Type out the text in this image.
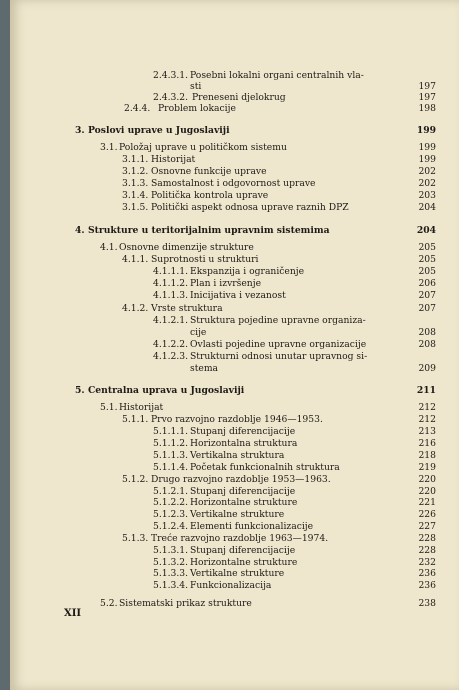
2.4.3.1. Posebni lokalni organi centralnih vla-
sti	197
2.4.3.2. Preneseni djelokrug	197
2.4.4. Problem lokacije	198
3. Poslovi uprave u Jugoslaviji	199
3.1. Položaj uprave u političkom sistemu	199
3.1.1. Historijat	199
3.1.2. Osnovne funkcije uprave	202
3.1.3. Samostalnost i odgovornost uprave	202
3.1.4. Politička kontrola uprave	203
3.1.5. Politički aspekt odnosa uprave raznih DPZ	204
4. Strukture u teritorijalnim upravnim sistemima	204
4.1. Osnovne dimenzije strukture	205
4.1.1. Suprotnosti u strukturi	205
4.1.1.1. Ekspanzija i ograničenje	205
4.1.1.2. Plan i izvršenje	206
4.1.1.3. Inicijativa i vezanost	207
4.1.2. Vrste struktura	207
4.1.2.1. Struktura pojedine upravne organiza-
cije	208
4.1.2.2. Ovlasti pojedine upravne organizacije	208
4.1.2.3. Strukturni odnosi unutar upravnog si-
stema	209
5. Centralna uprava u Jugoslaviji	211
5.1. Historijat	212
5.1.1. Prvo razvojno razdoblje 1946—1953.	212
5.1.1.1. Stupanj diferencijacije	213
5.1.1.2. Horizontalna struktura	216
5.1.1.3. Vertikalna struktura	218
5.1.1.4. Početak funkcionalnih struktura	219
5.1.2. Drugo razvojno razdoblje 1953—1963.	220
5.1.2.1. Stupanj diferencijacije	220
5.1.2.2. Horizontalne strukture	221
5.1.2.3. Vertikalne strukture	226
5.1.2.4. Elementi funkcionalizacije	227
5.1.3. Treće razvojno razdoblje 1963—1974.	228
5.1.3.1. Stupanj diferencijacije	228
5.1.3.2. Horizontalne strukture	232
5.1.3.3. Vertikalne strukture	236
5.1.3.4. Funkcionalizacija	236
5.2. Sistematski prikaz strukture	238
XII
